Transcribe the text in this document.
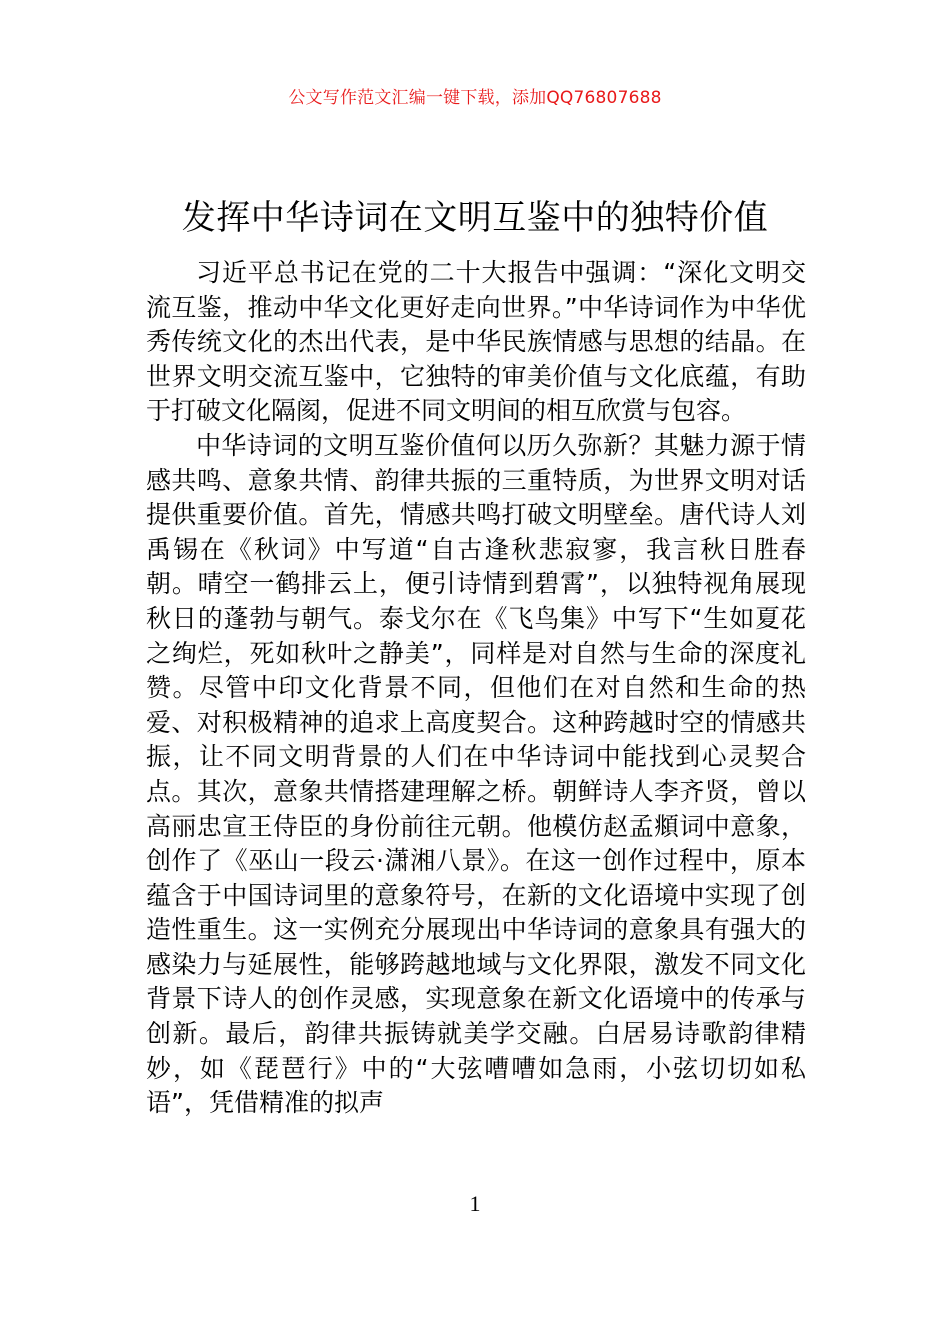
公文写作范文汇编一键下载，添加QQ76807688
发挥中华诗词在文明互鉴中的独特价值

习近平总书记在党的二十大报告中强调：“深化文明交流互鉴，推动中华文化更好走向世界。”中华诗词作为中华优秀传统文化的杰出代表，是中华民族情感与思想的结晶。在世界文明交流互鉴中，它独特的审美价值与文化底蕴，有助于打破文化隔阂，促进不同文明间的相互欣赏与包容。

中华诗词的文明互鉴价值何以历久弥新？其魅力源于情感共鸣、意象共情、韵律共振的三重特质，为世界文明对话提供重要价值。首先，情感共鸣打破文明壁垒。唐代诗人刘禹锡在《秋词》中写道“自古逢秋悲寂寥，我言秋日胜春朝。晴空一鹤排云上，便引诗情到碧霄”，以独特视角展现秋日的蓬勃与朝气。泰戈尔在《飞鸟集》中写下“生如夏花之绚烂，死如秋叶之静美”，同样是对自然与生命的深度礼赞。尽管中印文化背景不同，但他们在对自然和生命的热爱、对积极精神的追求上高度契合。这种跨越时空的情感共振，让不同文明背景的人们在中华诗词中能找到心灵契合点。其次，意象共情搭建理解之桥。朝鲜诗人李齐贤，曾以高丽忠宣王侍臣的身份前往元朝。他模仿赵孟頫词中意象，创作了《巫山一段云·潇湘八景》。在这一创作过程中，原本蕴含于中国诗词里的意象符号，在新的文化语境中实现了创造性重生。这一实例充分展现出中华诗词的意象具有强大的感染力与延展性，能够跨越地域与文化界限，激发不同文化背景下诗人的创作灵感，实现意象在新文化语境中的传承与创新。最后，韵律共振铸就美学交融。白居易诗歌韵律精妙，如《琵琶行》中的“大弦嘈嘈如急雨，小弦切切如私语”，凭借精准的拟声

1
